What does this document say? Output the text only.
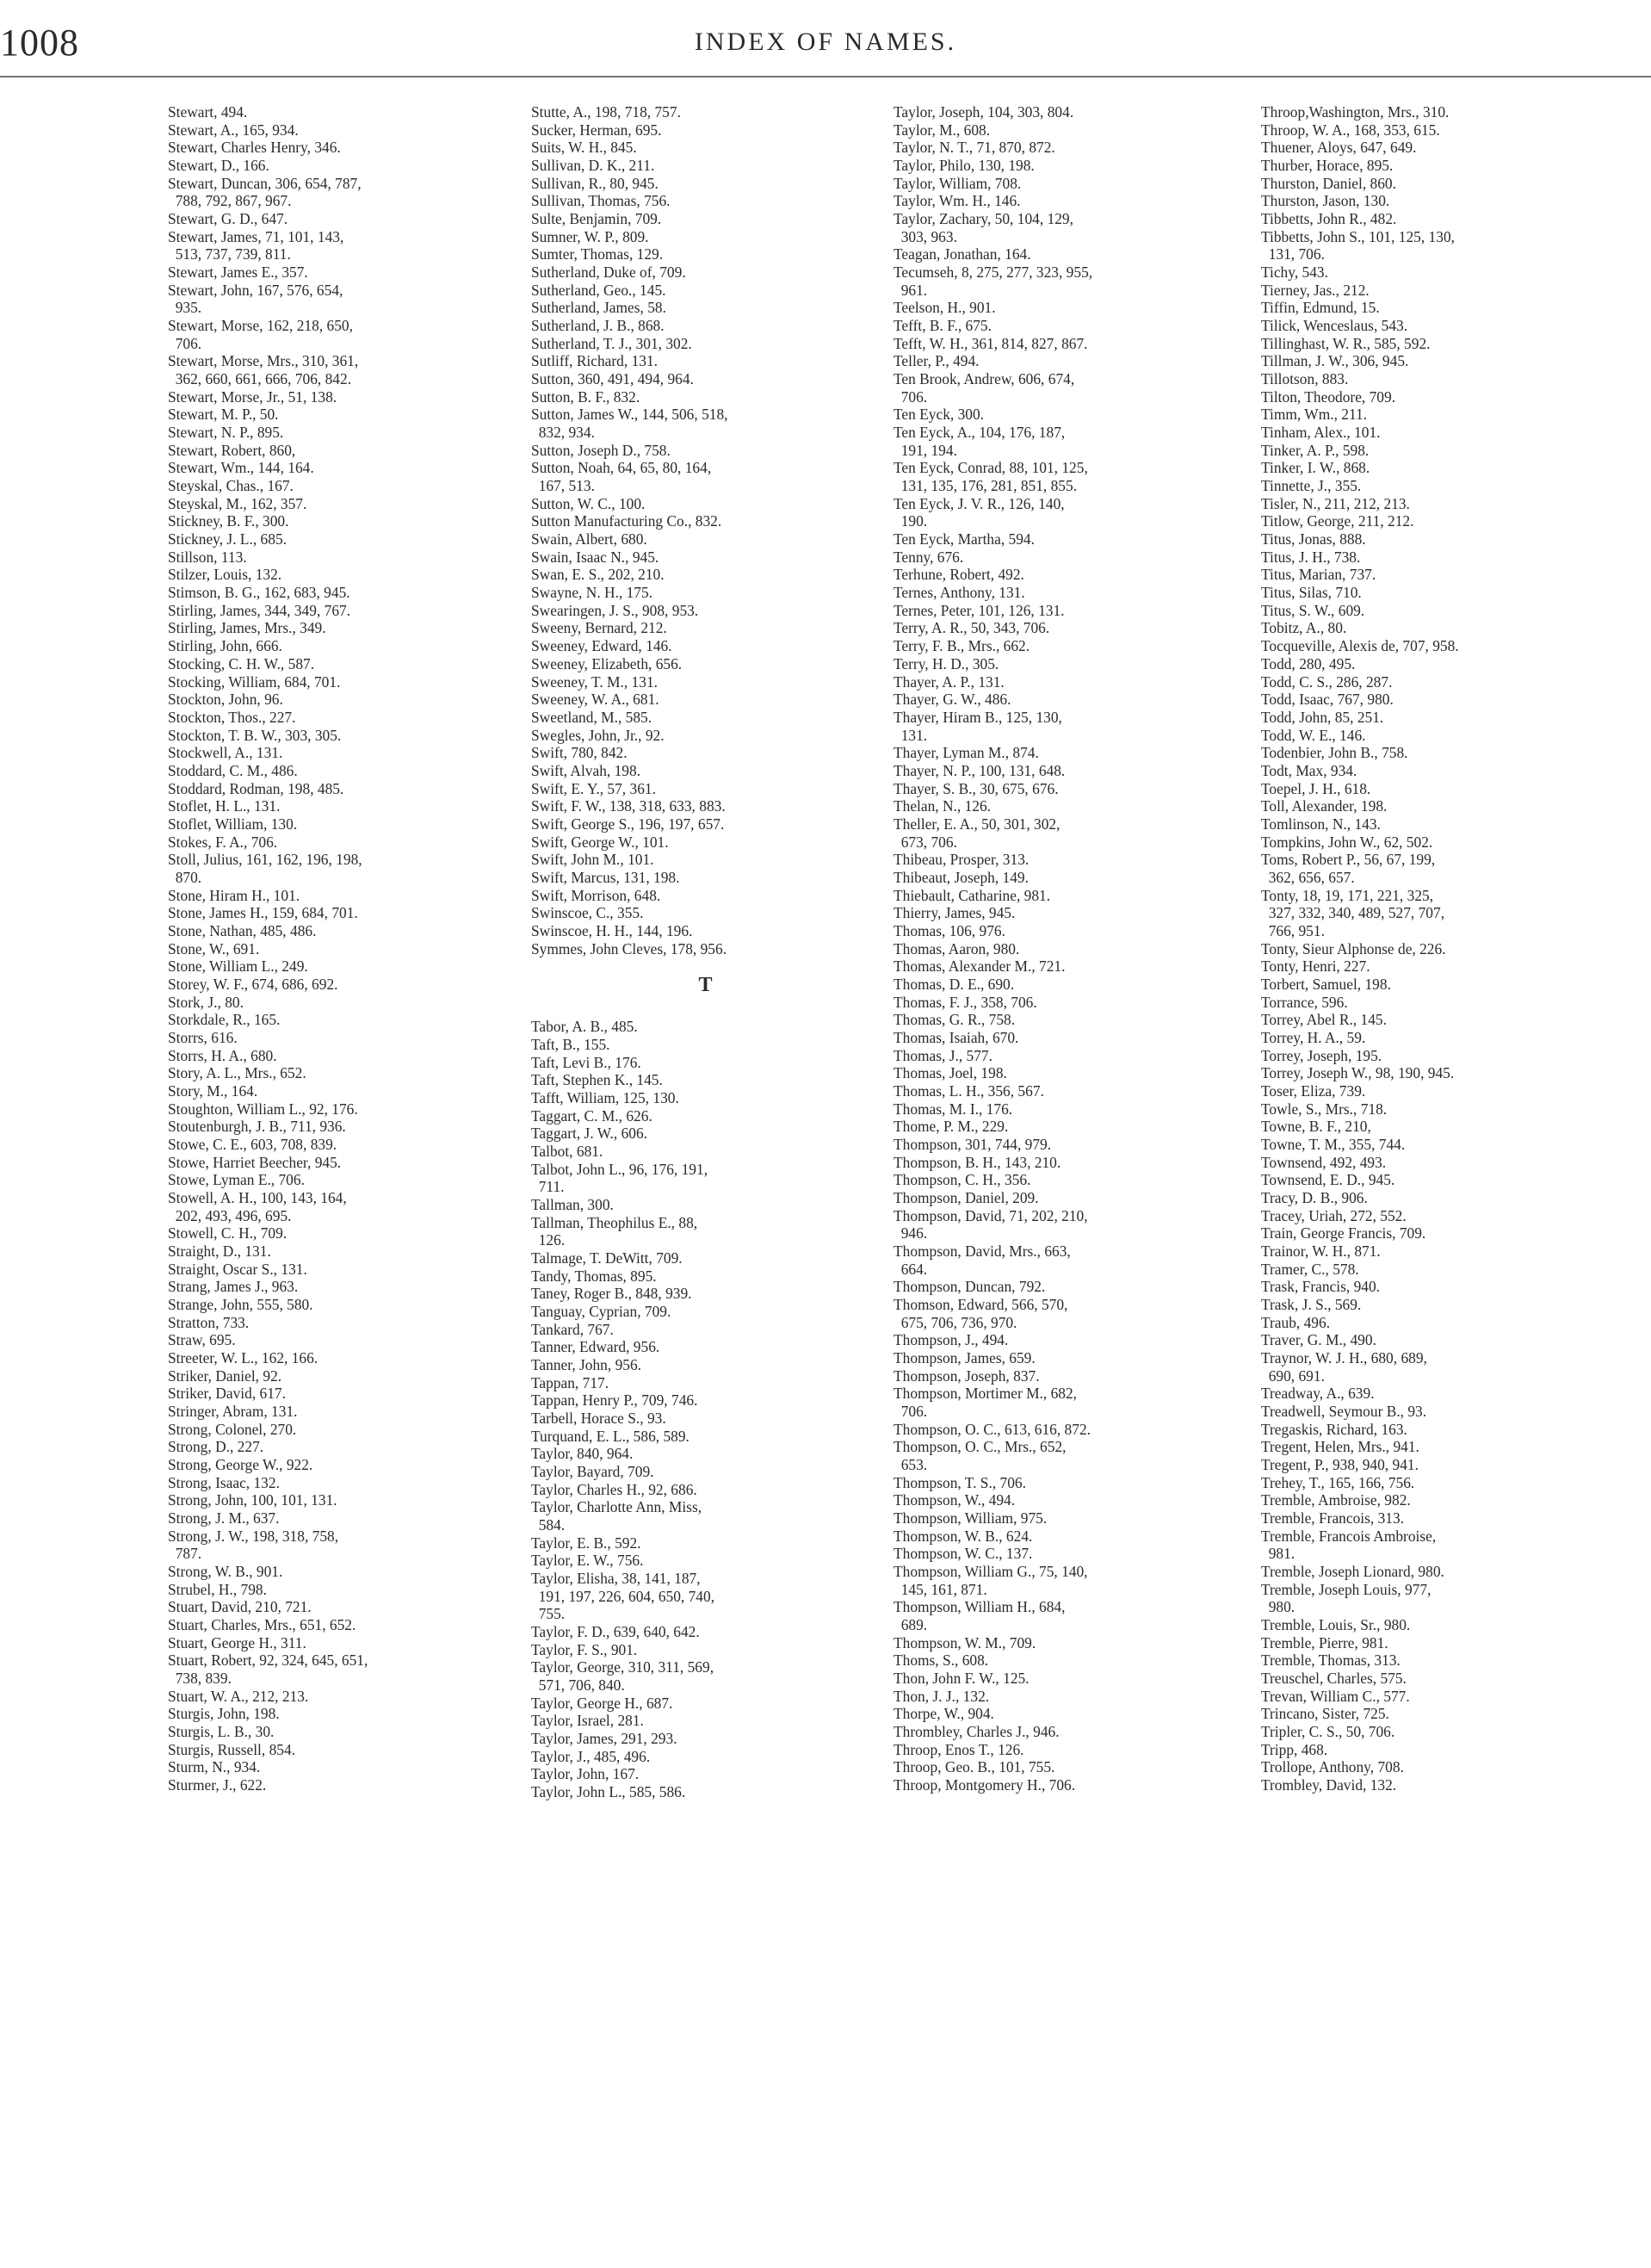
1008	INDEX OF NAMES.
Stewart, 494.
Stewart, A., 165, 934.
Stewart, Charles Henry, 346.
Stewart, D., 166.
Stewart, Duncan, 306, 654, 787,
788, 792, 867, 967.
Stewart, G. D., 647.
Stewart, James, 71, 101, 143,
513, 737, 739, 811.
Stewart, James E., 357.
Stewart, John, 167, 576, 654,
935.
Stewart, Morse, 162, 218, 650,
706.
Stewart, Morse, Mrs., 310, 361,
362, 660, 661, 666, 706, 842.
Stewart, Morse, Jr., 51, 138.
Stewart, M. P., 50.
Stewart, N. P., 895.
Stewart, Robert, 860,
Stewart, Wm., 144, 164.
Steyskal, Chas., 167.
Steyskal, M., 162, 357.
Stickney, B. F., 300.
Stickney, J. L., 685.
Stillson, 113.
Stilzer, Louis, 132.
Stimson, B. G., 162, 683, 945.
Stirling, James, 344, 349, 767.
Stirling, James, Mrs., 349.
Stirling, John, 666.
Stocking, C. H. W., 587.
Stocking, William, 684, 701.
Stockton, John, 96.
Stockton, Thos., 227.
Stockton, T. B. W., 303, 305.
Stockwell, A., 131.
Stoddard, C. M., 486.
Stoddard, Rodman, 198, 485.
Stoflet, H. L., 131.
Stoflet, William, 130.
Stokes, F. A., 706.
Stoll, Julius, 161, 162, 196, 198,
870.
Stone, Hiram H., 101.
Stone, James H., 159, 684, 701.
Stone, Nathan, 485, 486.
Stone, W., 691.
Stone, William L., 249.
Storey, W. F., 674, 686, 692.
Stork, J., 80.
Storkdale, R., 165.
Storrs, 616.
Storrs, H. A., 680.
Story, A. L., Mrs., 652.
Story, M., 164.
Stoughton, William L., 92, 176.
Stoutenburgh, J. B., 711, 936.
Stowe, C. E., 603, 708, 839.
Stowe, Harriet Beecher, 945.
Stowe, Lyman E., 706.
Stowell, A. H., 100, 143, 164,
202, 493, 496, 695.
Stowell, C. H., 709.
Straight, D., 131.
Straight, Oscar S., 131.
Strang, James J., 963.
Strange, John, 555, 580.
Stratton, 733.
Straw, 695.
Streeter, W. L., 162, 166.
Striker, Daniel, 92.
Striker, David, 617.
Stringer, Abram, 131.
Strong, Colonel, 270.
Strong, D., 227.
Strong, George W., 922.
Strong, Isaac, 132.
Strong, John, 100, 101, 131.
Strong, J. M., 637.
Strong, J. W., 198, 318, 758,
787.
Strong, W. B., 901.
Strubel, H., 798.
Stuart, David, 210, 721.
Stuart, Charles, Mrs., 651, 652.
Stuart, George H., 311.
Stuart, Robert, 92, 324, 645, 651,
738, 839.
Stuart, W. A., 212, 213.
Sturgis, John, 198.
Sturgis, L. B., 30.
Sturgis, Russell, 854.
Sturm, N., 934.
Sturmer, J., 622.
Stutte, A., 198, 718, 757.
Sucker, Herman, 695.
Suits, W. H., 845.
Sullivan, D. K., 211.
Sullivan, R., 80, 945.
Sullivan, Thomas, 756.
Sulte, Benjamin, 709.
Sumner, W. P., 809.
Sumter, Thomas, 129.
Sutherland, Duke of, 709.
Sutherland, Geo., 145.
Sutherland, James, 58.
Sutherland, J. B., 868.
Sutherland, T. J., 301, 302.
Sutliff, Richard, 131.
Sutton, 360, 491, 494, 964.
Sutton, B. F., 832.
Sutton, James W., 144, 506, 518,
832, 934.
Sutton, Joseph D., 758.
Sutton, Noah, 64, 65, 80, 164,
167, 513.
Sutton, W. C., 100.
Sutton Manufacturing Co., 832.
Swain, Albert, 680.
Swain, Isaac N., 945.
Swan, E. S., 202, 210.
Swayne, N. H., 175.
Swearingen, J. S., 908, 953.
Sweeny, Bernard, 212.
Sweeney, Edward, 146.
Sweeney, Elizabeth, 656.
Sweeney, T. M., 131.
Sweeney, W. A., 681.
Sweetland, M., 585.
Swegles, John, Jr., 92.
Swift, 780, 842.
Swift, Alvah, 198.
Swift, E. Y., 57, 361.
Swift, F. W., 138, 318, 633, 883.
Swift, George S., 196, 197, 657.
Swift, George W., 101.
Swift, John M., 101.
Swift, Marcus, 131, 198.
Swift, Morrison, 648.
Swinscoe, C., 355.
Swinscoe, H. H., 144, 196.
Symmes, John Cleves, 178, 956.
T
Tabor, A. B., 485.
Taft, B., 155.
Taft, Levi B., 176.
Taft, Stephen K., 145.
Tafft, William, 125, 130.
Taggart, C. M., 626.
Taggart, J. W., 606.
Talbot, 681.
Talbot, John L., 96, 176, 191,
711.
Tallman, 300.
Tallman, Theophilus E., 88,
126.
Talmage, T. DeWitt, 709.
Tandy, Thomas, 895.
Taney, Roger B., 848, 939.
Tanguay, Cyprian, 709.
Tankard, 767.
Tanner, Edward, 956.
Tanner, John, 956.
Tappan, 717.
Tappan, Henry P., 709, 746.
Tarbell, Horace S., 93.
Turquand, E. L., 586, 589.
Taylor, 840, 964.
Taylor, Bayard, 709.
Taylor, Charles H., 92, 686.
Taylor, Charlotte Ann, Miss,
584.
Taylor, E. B., 592.
Taylor, E. W., 756.
Taylor, Elisha, 38, 141, 187,
191, 197, 226, 604, 650, 740,
755.
Taylor, F. D., 639, 640, 642.
Taylor, F. S., 901.
Taylor, George, 310, 311, 569,
571, 706, 840.
Taylor, George H., 687.
Taylor, Israel, 281.
Taylor, James, 291, 293.
Taylor, J., 485, 496.
Taylor, John, 167.
Taylor, John L., 585, 586.
Taylor, Joseph, 104, 303, 804.
Taylor, M., 608.
Taylor, N. T., 71, 870, 872.
Taylor, Philo, 130, 198.
Taylor, William, 708.
Taylor, Wm. H., 146.
Taylor, Zachary, 50, 104, 129,
303, 963.
Teagan, Jonathan, 164.
Tecumseh, 8, 275, 277, 323, 955,
961.
Teelson, H., 901.
Tefft, B. F., 675.
Tefft, W. H., 361, 814, 827, 867.
Teller, P., 494.
Ten Brook, Andrew, 606, 674,
706.
Ten Eyck, 300.
Ten Eyck, A., 104, 176, 187,
191, 194.
Ten Eyck, Conrad, 88, 101, 125,
131, 135, 176, 281, 851, 855.
Ten Eyck, J. V. R., 126, 140,
190.
Ten Eyck, Martha, 594.
Tenny, 676.
Terhune, Robert, 492.
Ternes, Anthony, 131.
Ternes, Peter, 101, 126, 131.
Terry, A. R., 50, 343, 706.
Terry, F. B., Mrs., 662.
Terry, H. D., 305.
Thayer, A. P., 131.
Thayer, G. W., 486.
Thayer, Hiram B., 125, 130,
131.
Thayer, Lyman M., 874.
Thayer, N. P., 100, 131, 648.
Thayer, S. B., 30, 675, 676.
Thelan, N., 126.
Theller, E. A., 50, 301, 302,
673, 706.
Thibeau, Prosper, 313.
Thibeaut, Joseph, 149.
Thiebault, Catharine, 981.
Thierry, James, 945.
Thomas, 106, 976.
Thomas, Aaron, 980.
Thomas, Alexander M., 721.
Thomas, D. E., 690.
Thomas, F. J., 358, 706.
Thomas, G. R., 758.
Thomas, Isaiah, 670.
Thomas, J., 577.
Thomas, Joel, 198.
Thomas, L. H., 356, 567.
Thomas, M. I., 176.
Thome, P. M., 229.
Thompson, 301, 744, 979.
Thompson, B. H., 143, 210.
Thompson, C. H., 356.
Thompson, Daniel, 209.
Thompson, David, 71, 202, 210,
946.
Thompson, David, Mrs., 663,
664.
Thompson, Duncan, 792.
Thomson, Edward, 566, 570,
675, 706, 736, 970.
Thompson, J., 494.
Thompson, James, 659.
Thompson, Joseph, 837.
Thompson, Mortimer M., 682,
706.
Thompson, O. C., 613, 616, 872.
Thompson, O. C., Mrs., 652,
653.
Thompson, T. S., 706.
Thompson, W., 494.
Thompson, William, 975.
Thompson, W. B., 624.
Thompson, W. C., 137.
Thompson, William G., 75, 140,
145, 161, 871.
Thompson, William H., 684,
689.
Thompson, W. M., 709.
Thoms, S., 608.
Thon, John F. W., 125.
Thon, J. J., 132.
Thorpe, W., 904.
Thrombley, Charles J., 946.
Throop, Enos T., 126.
Throop, Geo. B., 101, 755.
Throop, Montgomery H., 706.
Throop,Washington, Mrs., 310.
Throop, W. A., 168, 353, 615.
Thuener, Aloys, 647, 649.
Thurber, Horace, 895.
Thurston, Daniel, 860.
Thurston, Jason, 130.
Tibbetts, John R., 482.
Tibbetts, John S., 101, 125, 130,
131, 706.
Tichy, 543.
Tierney, Jas., 212.
Tiffin, Edmund, 15.
Tilick, Wenceslaus, 543.
Tillinghast, W. R., 585, 592.
Tillman, J. W., 306, 945.
Tillotson, 883.
Tilton, Theodore, 709.
Timm, Wm., 211.
Tinham, Alex., 101.
Tinker, A. P., 598.
Tinker, I. W., 868.
Tinnette, J., 355.
Tisler, N., 211, 212, 213.
Titlow, George, 211, 212.
Titus, Jonas, 888.
Titus, J. H., 738.
Titus, Marian, 737.
Titus, Silas, 710.
Titus, S. W., 609.
Tobitz, A., 80.
Tocqueville, Alexis de, 707, 958.
Todd, 280, 495.
Todd, C. S., 286, 287.
Todd, Isaac, 767, 980.
Todd, John, 85, 251.
Todd, W. E., 146.
Todenbier, John B., 758.
Todt, Max, 934.
Toepel, J. H., 618.
Toll, Alexander, 198.
Tomlinson, N., 143.
Tompkins, John W., 62, 502.
Toms, Robert P., 56, 67, 199,
362, 656, 657.
Tonty, 18, 19, 171, 221, 325,
327, 332, 340, 489, 527, 707,
766, 951.
Tonty, Sieur Alphonse de, 226.
Tonty, Henri, 227.
Torbert, Samuel, 198.
Torrance, 596.
Torrey, Abel R., 145.
Torrey, H. A., 59.
Torrey, Joseph, 195.
Torrey, Joseph W., 98, 190, 945.
Toser, Eliza, 739.
Towle, S., Mrs., 718.
Towne, B. F., 210,
Towne, T. M., 355, 744.
Townsend, 492, 493.
Townsend, E. D., 945.
Tracy, D. B., 906.
Tracey, Uriah, 272, 552.
Train, George Francis, 709.
Trainor, W. H., 871.
Tramer, C., 578.
Trask, Francis, 940.
Trask, J. S., 569.
Traub, 496.
Traver, G. M., 490.
Traynor, W. J. H., 680, 689,
690, 691.
Treadway, A., 639.
Treadwell, Seymour B., 93.
Tregaskis, Richard, 163.
Tregent, Helen, Mrs., 941.
Tregent, P., 938, 940, 941.
Trehey, T., 165, 166, 756.
Tremble, Ambroise, 982.
Tremble, Francois, 313.
Tremble, Francois Ambroise,
981.
Tremble, Joseph Lionard, 980.
Tremble, Joseph Louis, 977,
980.
Tremble, Louis, Sr., 980.
Tremble, Pierre, 981.
Tremble, Thomas, 313.
Treuschel, Charles, 575.
Trevan, William C., 577.
Trincano, Sister, 725.
Tripler, C. S., 50, 706.
Tripp, 468.
Trollope, Anthony, 708.
Trombley, David, 132.
